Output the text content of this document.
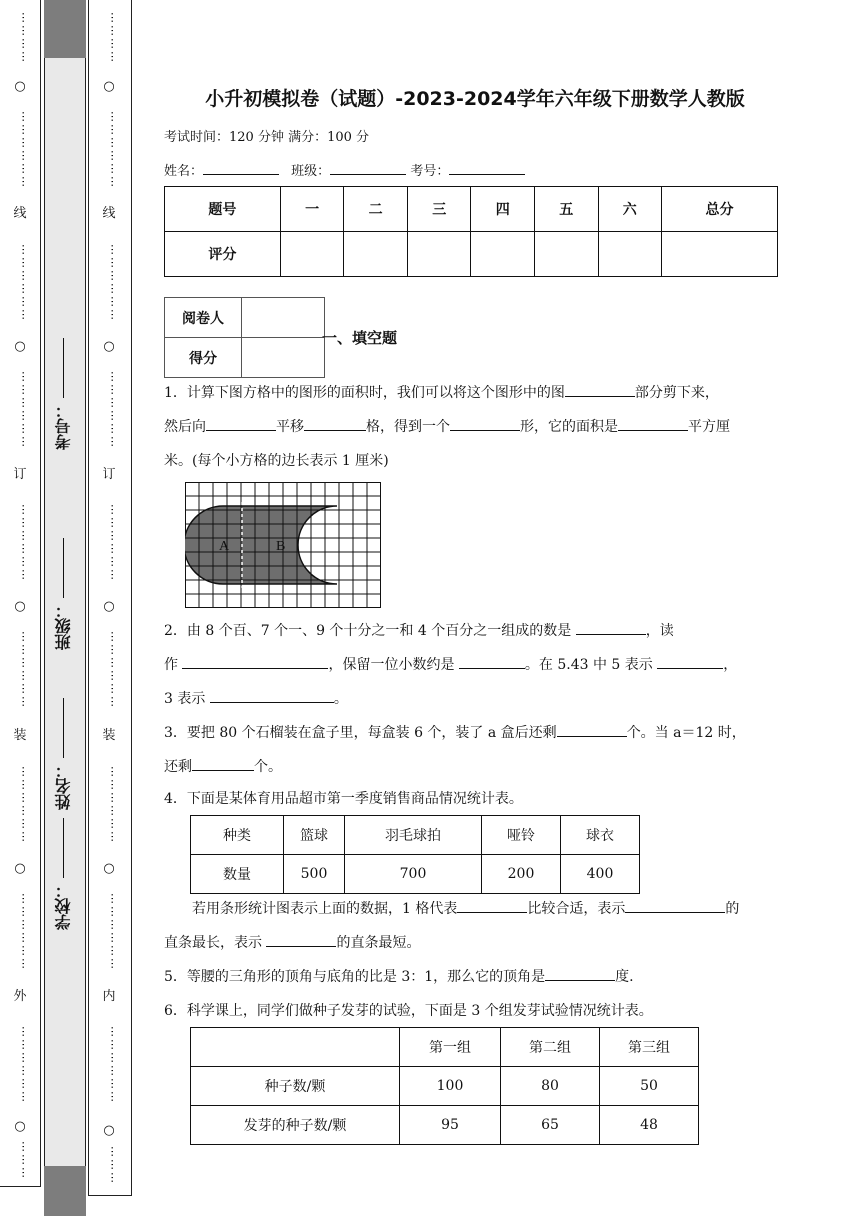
⋯⋯⋯⋯
○
⋯⋯⋯⋯⋯⋯
线
⋯⋯⋯⋯⋯⋯
○
⋯⋯⋯⋯⋯⋯
订
⋯⋯⋯⋯⋯⋯
○
⋯⋯⋯⋯⋯⋯
装
⋯⋯⋯⋯⋯⋯
○
⋯⋯⋯⋯⋯⋯
外
⋯⋯⋯⋯⋯⋯
○
⋯⋯⋯
考号：
班级：
姓名：
学校：
⋯⋯⋯⋯
○
⋯⋯⋯⋯⋯⋯
线
⋯⋯⋯⋯⋯⋯
○
⋯⋯⋯⋯⋯⋯
订
⋯⋯⋯⋯⋯⋯
○
⋯⋯⋯⋯⋯⋯
装
⋯⋯⋯⋯⋯⋯
○
⋯⋯⋯⋯⋯⋯
内
⋯⋯⋯⋯⋯⋯
○
⋯⋯⋯
小升初模拟卷（试题）-2023-2024学年六年级下册数学人教版
考试时间：120 分钟 满分：100 分
姓名：	班级：	考号：
题号	一	二	三	四	五	六	总分
评分							
阅卷人	
得分	
一、填空题
1．计算下图方格中的图形的面积时，我们可以将这个图形中的图	部分剪下来，
然后向	平移	格，得到一个	形，它的面积是	平方厘
米。(每个小方格的边长表示 1 厘米)
A	B
2．由 8 个百、7 个一、9 个十分之一和 4 个百分之一组成的数是	，读
作	，保留一位小数约是	。在 5.43 中 5 表示	，
3 表示	。
3．要把 80 个石榴装在盒子里，每盒装 6 个，装了 a 盒后还剩	个。当 a＝12 时，
还剩	个。
4．下面是某体育用品超市第一季度销售商品情况统计表。
种类	篮球	羽毛球拍	哑铃	球衣
数量	500	700	200	400
若用条形统计图表示上面的数据，1 格代表	比较合适，表示	的
直条最长，表示	的直条最短。
5．等腰的三角形的顶角与底角的比是 3：1，那么它的顶角是	度.
6．科学课上，同学们做种子发芽的试验，下面是 3 个组发芽试验情况统计表。
	第一组	第二组	第三组
种子数/颗	100	80	50
发芽的种子数/颗	95	65	48
